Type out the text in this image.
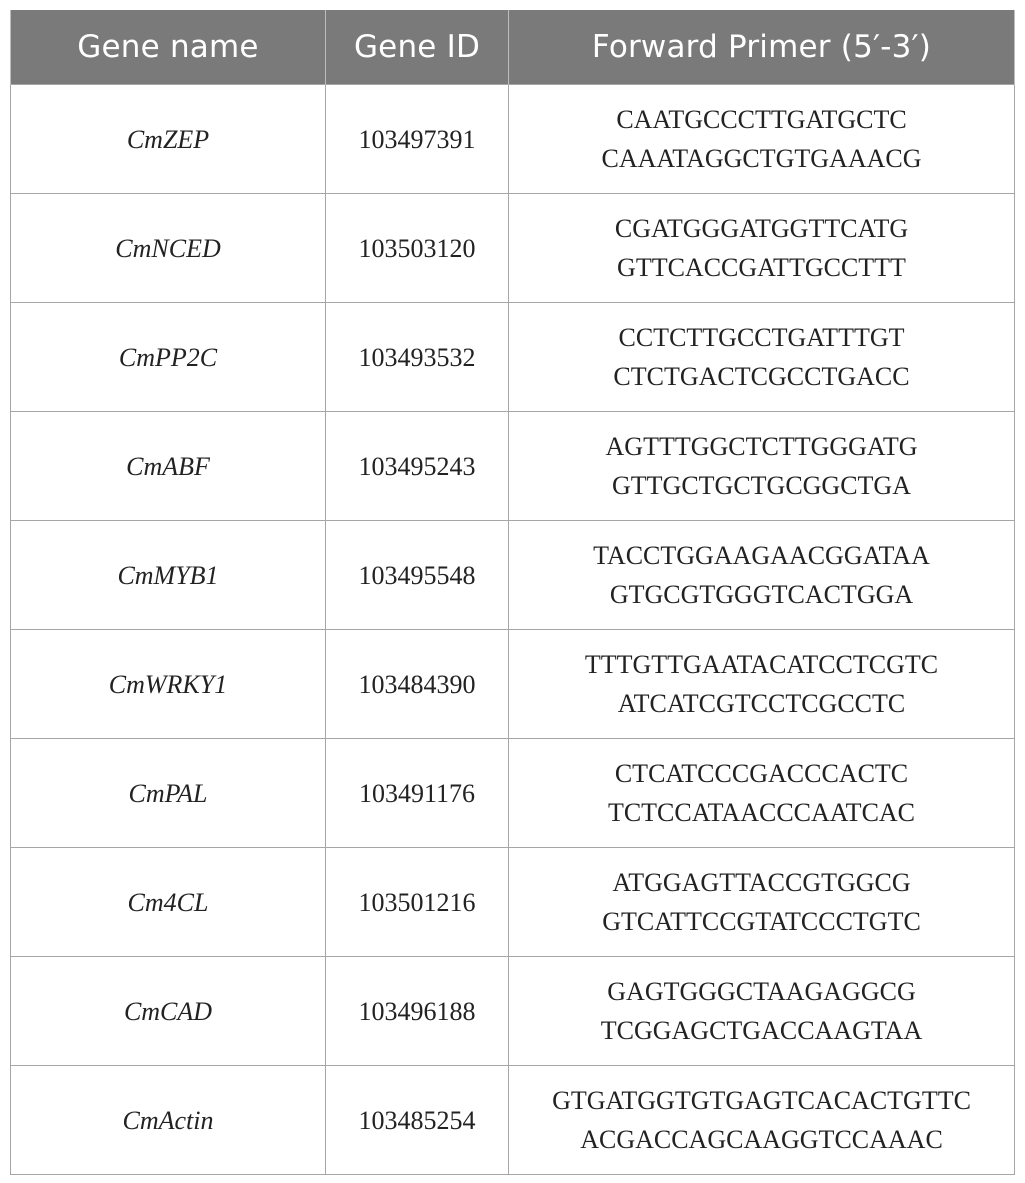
Gene name	Gene ID	Forward Primer (5′-3′)
CmZEP	103497391	CAATGCCCTTGATGCTC
CAAATAGGCTGTGAAACG

CmNCED	103503120	CGATGGGATGGTTCATG
GTTCACCGATTGCCTTT

CmPP2C	103493532	CCTCTTGCCTGATTTGT
CTCTGACTCGCCTGACC

CmABF	103495243	AGTTTGGCTCTTGGGATG
GTTGCTGCTGCGGCTGA

CmMYB1	103495548	TACCTGGAAGAACGGATAA
GTGCGTGGGTCACTGGA

CmWRKY1	103484390	TTTGTTGAATACATCCTCGTC
ATCATCGTCCTCGCCTC

CmPAL	103491176	CTCATCCCGACCCACTC
TCTCCATAACCCAATCAC

Cm4CL	103501216	ATGGAGTTACCGTGGCG
GTCATTCCGTATCCCTGTC

CmCAD	103496188	GAGTGGGCTAAGAGGCG
TCGGAGCTGACCAAGTAA

CmActin	103485254	GTGATGGTGTGAGTCACACTGTTC
ACGACCAGCAAGGTCCAAAC
